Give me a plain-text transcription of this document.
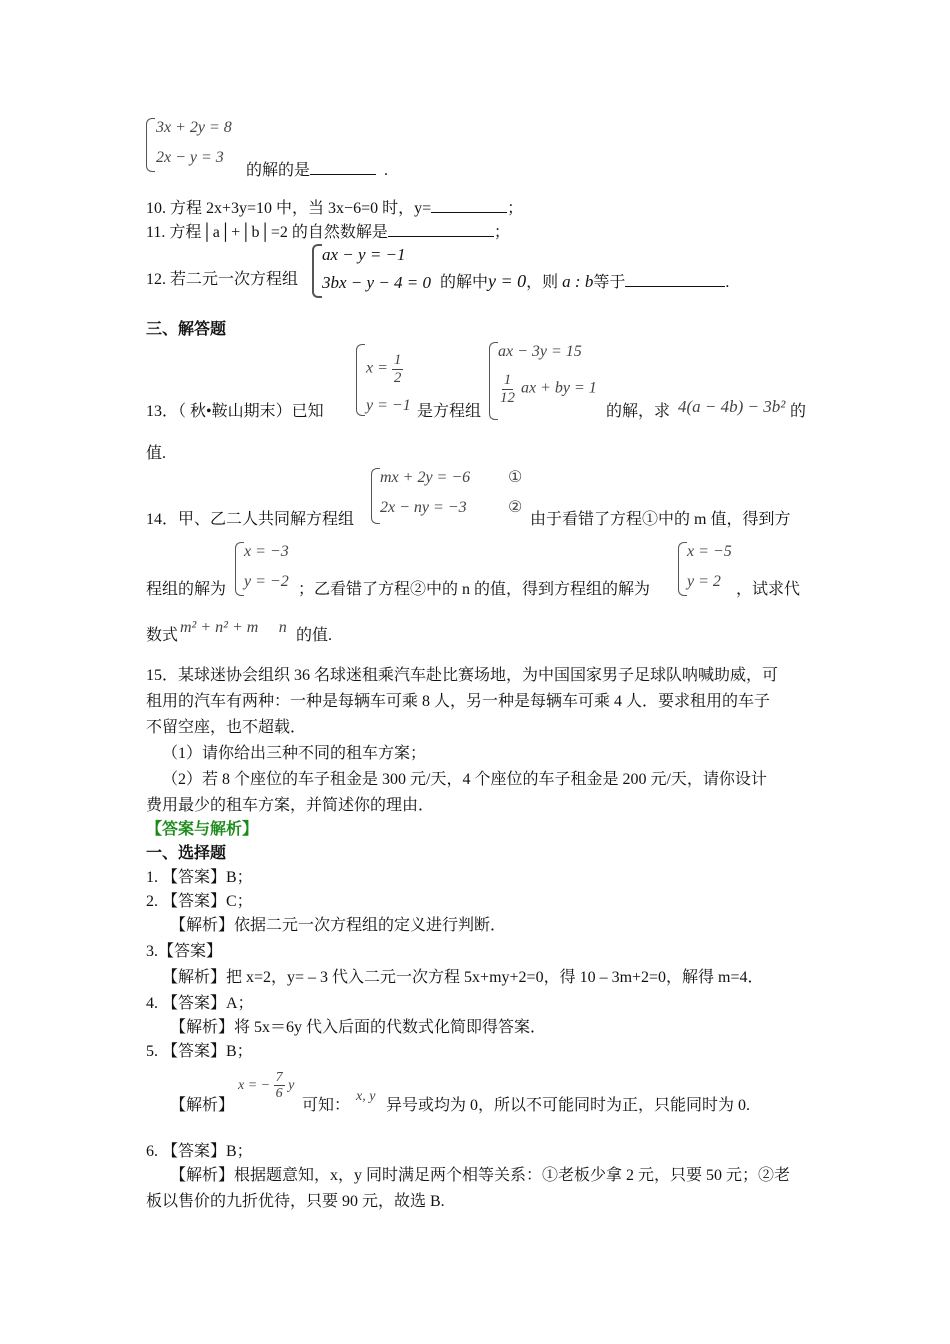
3x + 2y = 8
2x − y = 3
的解的是	.
10. 方程 2x+3y=10 中，当 3x−6=0 时，y=	；
11. 方程│a│+│b│=2 的自然数解是	；
12. 若二元一次方程组
ax − y = −1
3bx − y − 4 = 0 的解中y = 0，则 a : b等于	.
三、解答题
$x = \frac{1}{2}$
y = −1
13．（ 秋•鞍山期末）已知	是方程组
ax − 3y = 15
$\frac{1}{12}$ ax + by = 1
的解，求 4(a − 4b) − 3b² 的
值.
mx + 2y = −6
2x − ny = −3
①
②
14．甲、乙二人共同解方程组	由于看错了方程①中的 m 值，得到方
x = −3
y = −2
程组的解为	；乙看错了方程②中的 n 的值，得到方程组的解为
x = −5
y = 2 ，试求代
数式 m² + n² + m ⃞ n 的值.
15．某球迷协会组织 36 名球迷租乘汽车赴比赛场地，为中国国家男子足球队呐喊助威，可
租用的汽车有两种：一种是每辆车可乘 8 人，另一种是每辆车可乘 4 人．要求租用的车子
不留空座，也不超载．
（1）请你给出三种不同的租车方案；
（2）若 8 个座位的车子租金是 300 元/天，4 个座位的车子租金是 200 元/天，请你设计
费用最少的租车方案，并简述你的理由．
【答案与解析】
一、选择题
1. 【答案】B；
2. 【答案】C；
【解析】依据二元一次方程组的定义进行判断．
3.【答案】
【解析】把 x=2，y= – 3 代入二元一次方程 5x+my+2=0，得 10 – 3m+2=0，解得 m=4．
4. 【答案】A；
【解析】将 5x＝6y 代入后面的代数式化简即得答案．
5. 【答案】B；
【解析】
x = − $\frac{7}{6}$ y
可知：
x, y
异号或均为 0，所以不可能同时为正，只能同时为 0.
6. 【答案】B；
【解析】根据题意知，x，y 同时满足两个相等关系：①老板少拿 2 元，只要 50 元；②老
板以售价的九折优待，只要 90 元，故选 B.
